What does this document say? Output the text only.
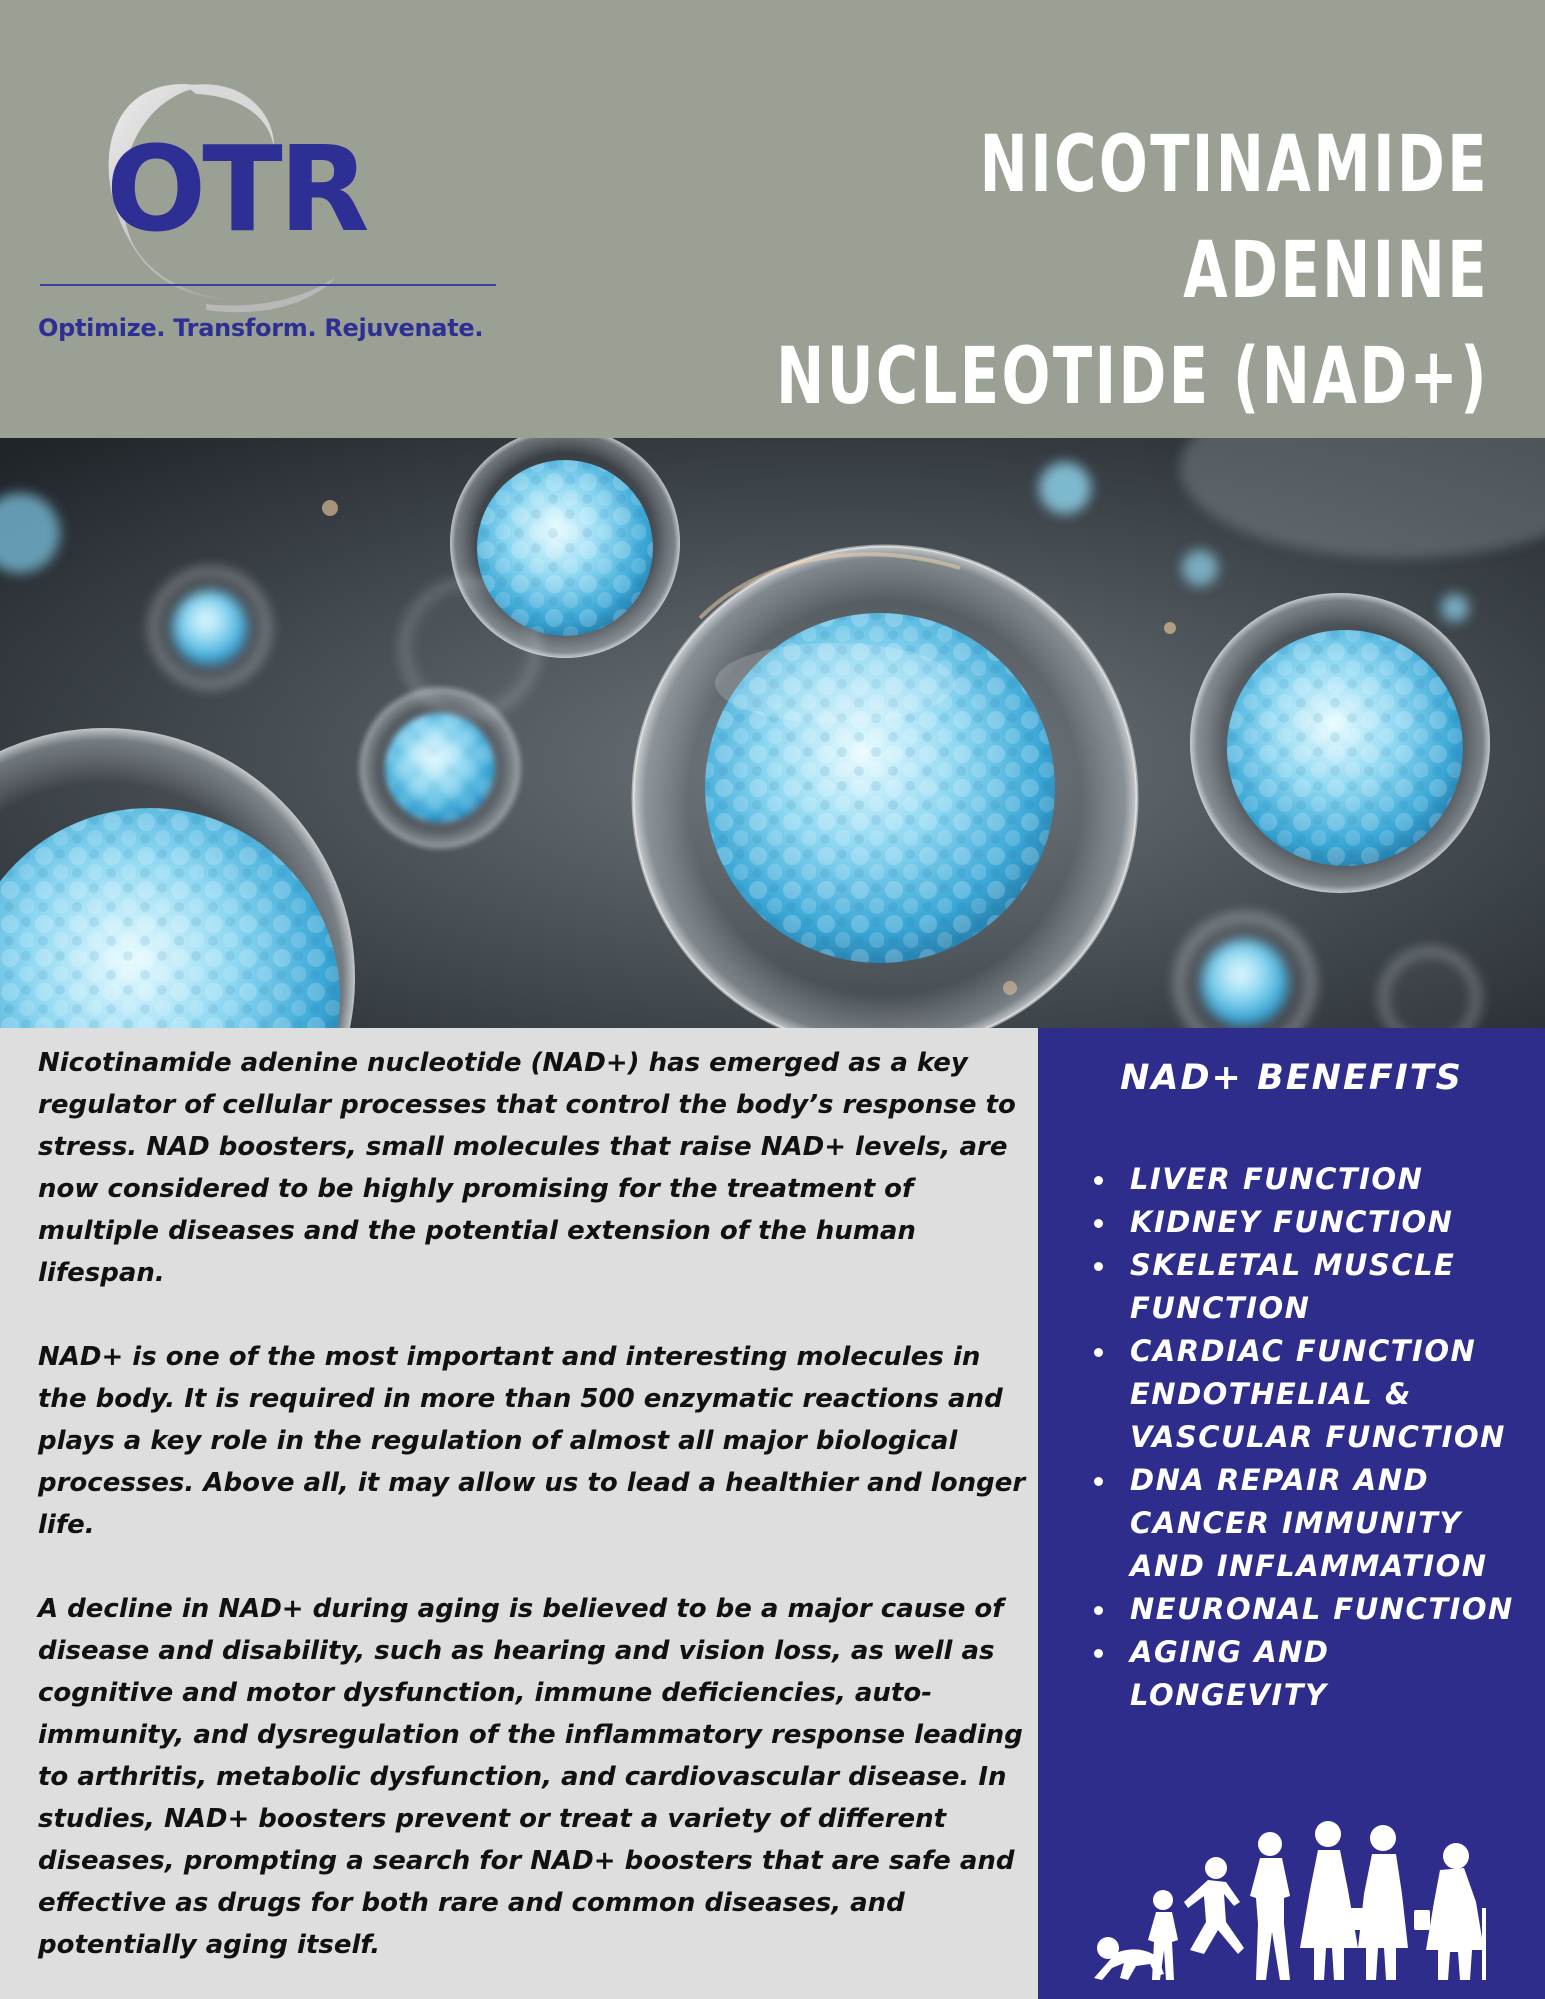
OTR
Optimize. Transform. Rejuvenate.
NICOTINAMIDE ADENINE
NUCLEOTIDE (NAD+)

Nicotinamide adenine nucleotide (NAD+) has emerged as a key regulator of cellular processes that control the body’s response to stress. NAD boosters, small molecules that raise NAD+ levels, are now considered to be highly promising for the treatment of multiple diseases and the potential extension of the human lifespan.

NAD+ is one of the most important and interesting molecules in the body. It is required in more than 500 enzymatic reactions and plays a key role in the regulation of almost all major biological processes. Above all, it may allow us to lead a healthier and longer life.

A decline in NAD+ during aging is believed to be a major cause of disease and disability, such as hearing and vision loss, as well as cognitive and motor dysfunction, immune deficiencies, auto-immunity, and dysregulation of the inflammatory response leading to arthritis, metabolic dysfunction, and cardiovascular disease. In studies, NAD+ boosters prevent or treat a variety of different diseases, prompting a search for NAD+ boosters that are safe and effective as drugs for both rare and common diseases, and potentially aging itself.

NAD+ BENEFITS
LIVER FUNCTION
KIDNEY FUNCTION
SKELETAL MUSCLE FUNCTION
CARDIAC FUNCTION
ENDOTHELIAL & VASCULAR FUNCTION
DNA REPAIR AND CANCER IMMUNITY AND INFLAMMATION
NEURONAL FUNCTION
AGING AND LONGEVITY
